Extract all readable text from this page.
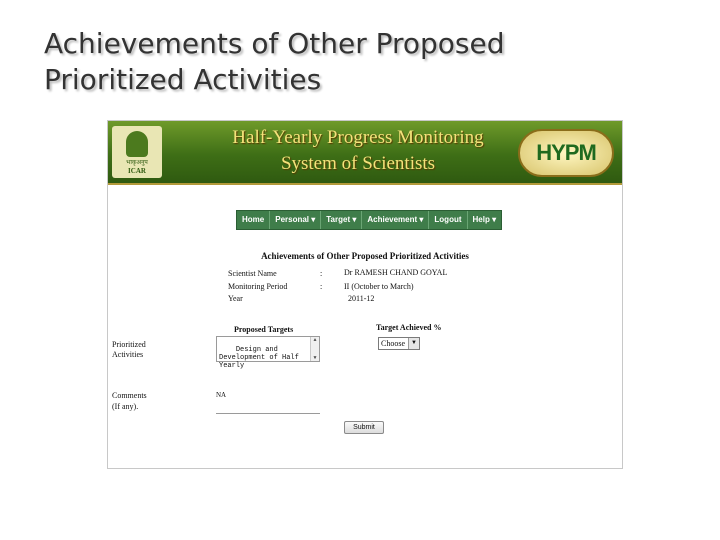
Achievements of Other Proposed
Prioritized Activities
भाकृअनुप
ICAR
Half-Yearly Progress Monitoring
System of Scientists	HYPM
Home	Personal ▾	Target ▾	Achievement ▾	Logout	Help ▾
Achievements of Other Proposed Prioritized Activities
Scientist Name	:	Dr RAMESH CHAND GOYAL
Monitoring Period	:	II (October to March)
Year	2011-12
Proposed Targets	Target Achieved %
Prioritized
Activities	Design and
Development of Half
Yearly

▲

▼

Choose	▼
Comments
(If any).
NA
Submit
